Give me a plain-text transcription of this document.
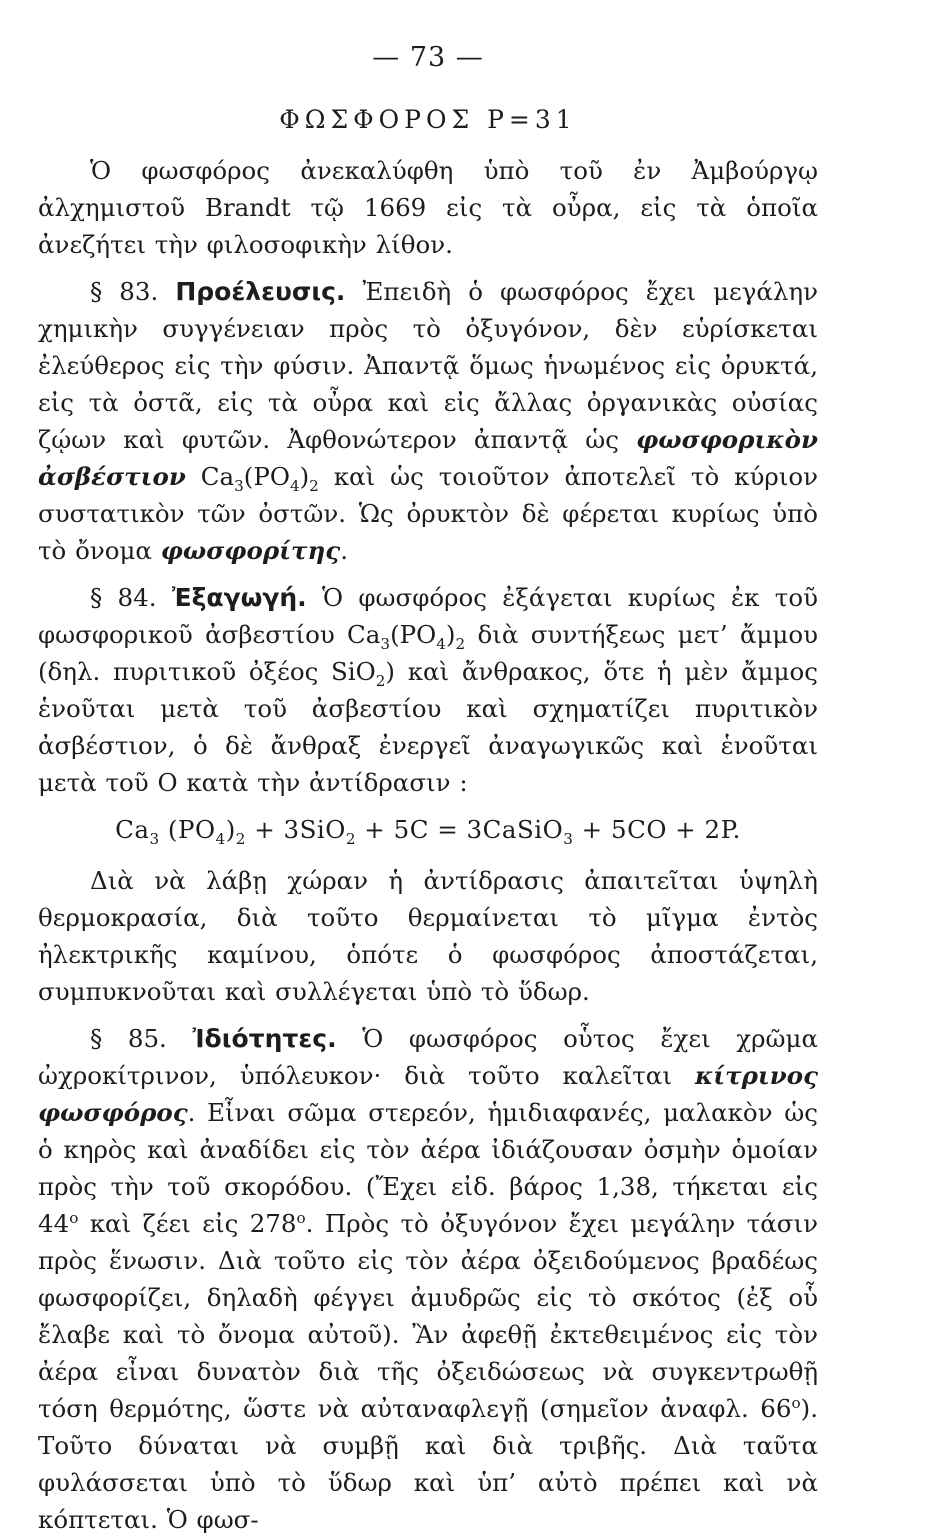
— 73 —
ΦΩΣΦΟΡΟΣ P=31

Ὁ φωσφόρος ἀνεκαλύφθη ὑπὸ τοῦ ἐν Ἀμβούργῳ ἀλχημιστοῦ Brandt τῷ 1669 εἰς τὰ οὖρα, εἰς τὰ ὁποῖα ἀνεζήτει τὴν φιλοσοφικὴν λίθον.

§ 83. Προέλευσις. Ἐπειδὴ ὁ φωσφόρος ἔχει μεγάλην χημικὴν συγγένειαν πρὸς τὸ ὀξυγόνον, δὲν εὑρίσκεται ἐλεύθερος εἰς τὴν φύσιν. Ἀπαντᾷ ὅμως ἡνωμένος εἰς ὀρυκτά, εἰς τὰ ὀστᾶ, εἰς τὰ οὖρα καὶ εἰς ἄλλας ὀργανικὰς οὐσίας ζῴων καὶ φυτῶν. Ἀφθονώτερον ἀπαντᾷ ὡς φωσφορικὸν ἀσβέστιον $Ca_3(PO_4)_2$ καὶ ὡς τοιοῦτον ἀποτελεῖ τὸ κύριον συστατικὸν τῶν ὀστῶν. Ὡς ὀρυκτὸν δὲ φέρεται κυρίως ὑπὸ τὸ ὄνομα φωσφορίτης.

§ 84. Ἐξαγωγή. Ὁ φωσφόρος ἐξάγεται κυρίως ἐκ τοῦ φωσφορικοῦ ἀσβεστίου $Ca_3(PO_4)_2$ διὰ συντήξεως μετ’ ἄμμου (δηλ. πυριτικοῦ ὀξέος SiO$_2$) καὶ ἄνθρακος, ὅτε ἡ μὲν ἄμμος ἑνοῦται μετὰ τοῦ ἀσβεστίου καὶ σχηματίζει πυριτικὸν ἀσβέστιον, ὁ δὲ ἄνθραξ ἐνεργεῖ ἀναγωγικῶς καὶ ἑνοῦται μετὰ τοῦ O κατὰ τὴν ἀντίδρασιν :

$Ca_3$ $(PO_4)_2 + 3SiO_2 + 5C$ = 3CaSiO$_3$ + 5CO + 2P.

Διὰ νὰ λάβῃ χώραν ἡ ἀντίδρασις ἀπαιτεῖται ὑψηλὴ θερμοκρασία, διὰ τοῦτο θερμαίνεται τὸ μῖγμα ἐντὸς ἠλεκτρικῆς καμίνου, ὁπότε ὁ φωσφόρος ἀποστάζεται, συμπυκνοῦται καὶ συλλέγεται ὑπὸ τὸ ὕδωρ.

§ 85. Ἰδιότητες. Ὁ φωσφόρος οὗτος ἔχει χρῶμα ὠχροκίτρινον, ὑπόλευκον· διὰ τοῦτο καλεῖται κίτρινος φωσφόρος. Εἶναι σῶμα στερεόν, ἡμιδιαφανές, μαλακὸν ὡς ὁ κηρὸς καὶ ἀναδίδει εἰς τὸν ἀέρα ἰδιάζουσαν ὀσμὴν ὁμοίαν πρὸς τὴν τοῦ σκορόδου. (Ἔχει εἰδ. βάρος 1,38, τήκεται εἰς 44$^o$ καὶ ζέει εἰς 278$^o$. Πρὸς τὸ ὀξυγόνον ἔχει μεγάλην τάσιν πρὸς ἕνωσιν. Διὰ τοῦτο εἰς τὸν ἀέρα ὀξειδούμενος βραδέως φωσφορίζει, δηλαδὴ φέγγει ἀμυδρῶς εἰς τὸ σκότος (ἐξ οὗ ἔλαβε καὶ τὸ ὄνομα αὐτοῦ). Ἂν ἀφεθῇ ἐκτεθειμένος εἰς τὸν ἀέρα εἶναι δυνατὸν διὰ τῆς ὀξειδώσεως νὰ συγκεντρωθῇ τόση θερμότης, ὥστε νὰ αὐταναφλεγῇ (σημεῖον ἀναφλ. 66$^o$). Τοῦτο δύναται νὰ συμβῇ καὶ διὰ τριβῆς. Διὰ ταῦτα φυλάσσεται ὑπὸ τὸ ὕδωρ καὶ ὑπ’ αὐτὸ πρέπει καὶ νὰ κόπτεται. Ὁ φωσ-
